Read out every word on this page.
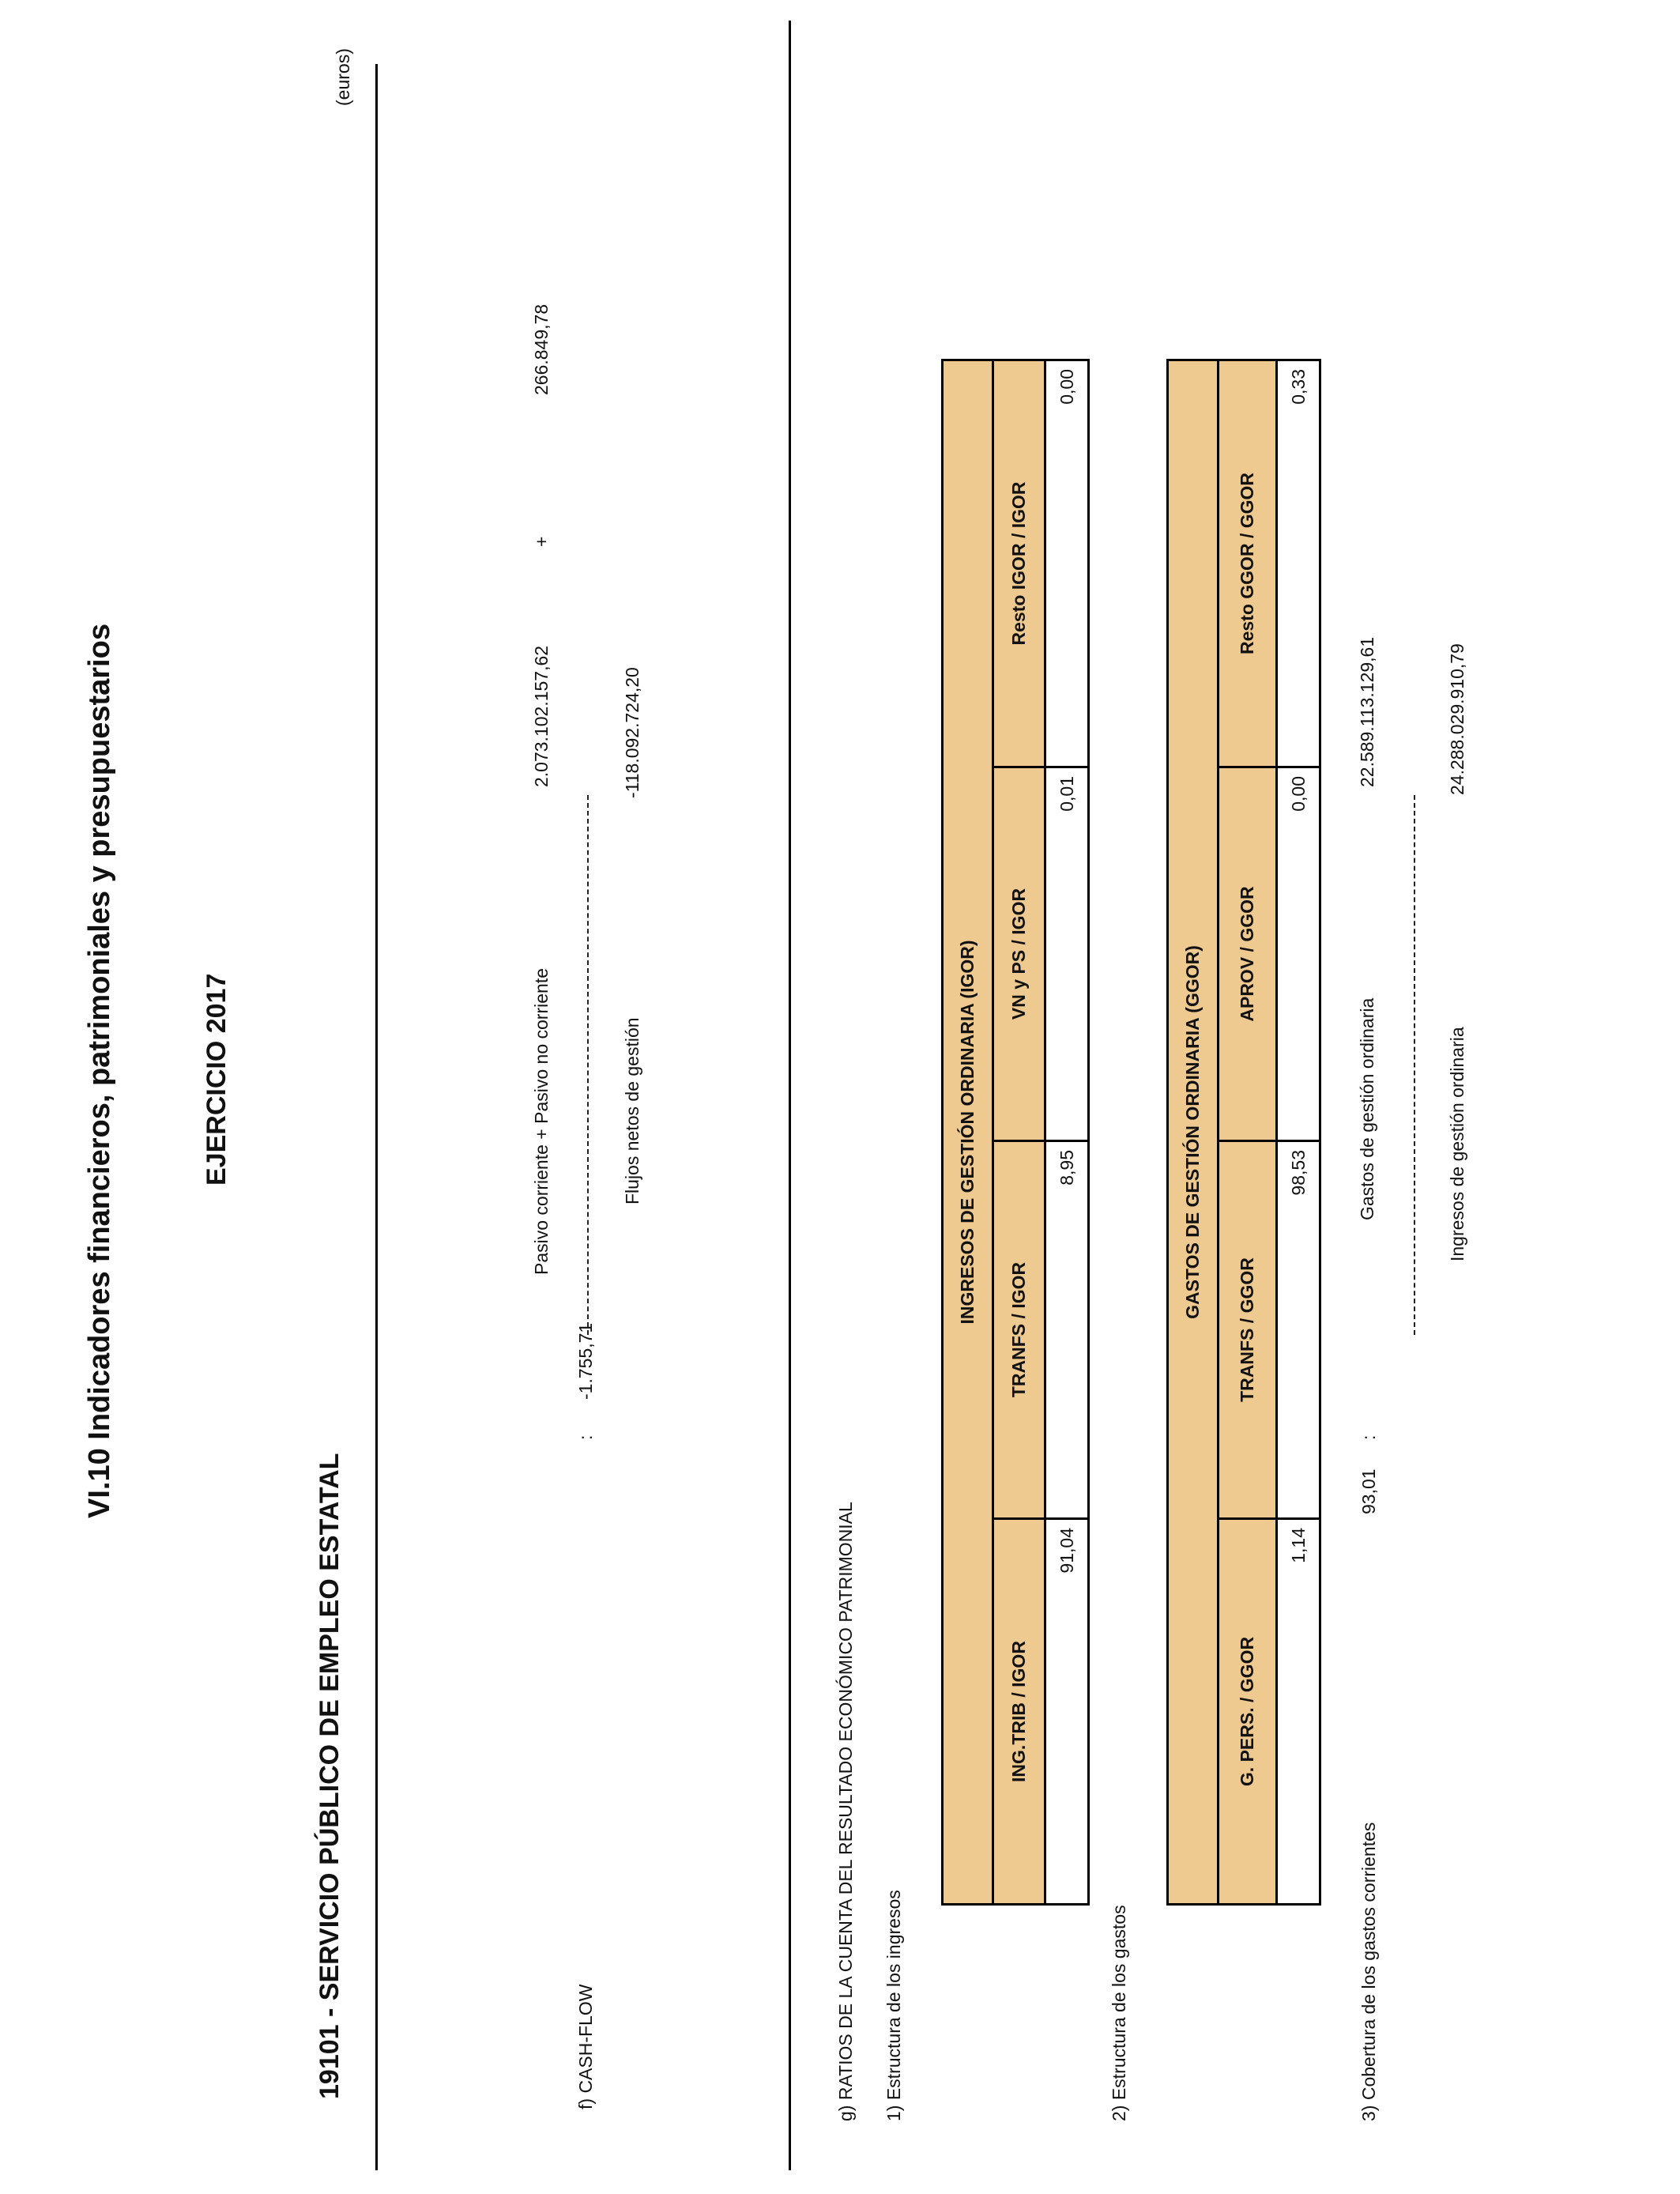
VI.10 Indicadores financieros, patrimoniales y presupuestarios	EJERCICIO 2017
19101 - SERVICIO PÚBLICO DE EMPLEO ESTATAL
(euros)
f) CASH-FLOW
-1.755,71
:
Pasivo corriente + Pasivo no corriente
2.073.102.157,62
+
266.849,78
Flujos netos de gestión
-118.092.724,20
g) RATIOS DE LA CUENTA DEL RESULTADO ECONÓMICO PATRIMONIAL 1) Estructura de los ingresos
INGRESOS DE GESTIÓN ORDINARIA (IGOR)			
ING.TRIB / IGOR	TRANFS / IGOR	VN y PS / IGOR	Resto IGOR / IGOR
91,04	8,95	0,01	0,00
2) Estructura de los gastos
GASTOS DE GESTIÓN ORDINARIA (GGOR)			
G. PERS. / GGOR	TRANFS / GGOR	APROV / GGOR	Resto GGOR / GGOR
1,14	98,53	0,00	0,33
3) Cobertura de los gastos corrientes
93,01
:
Gastos de gestión ordinaria
22.589.113.129,61
Ingresos de gestión ordinaria
24.288.029.910,79
